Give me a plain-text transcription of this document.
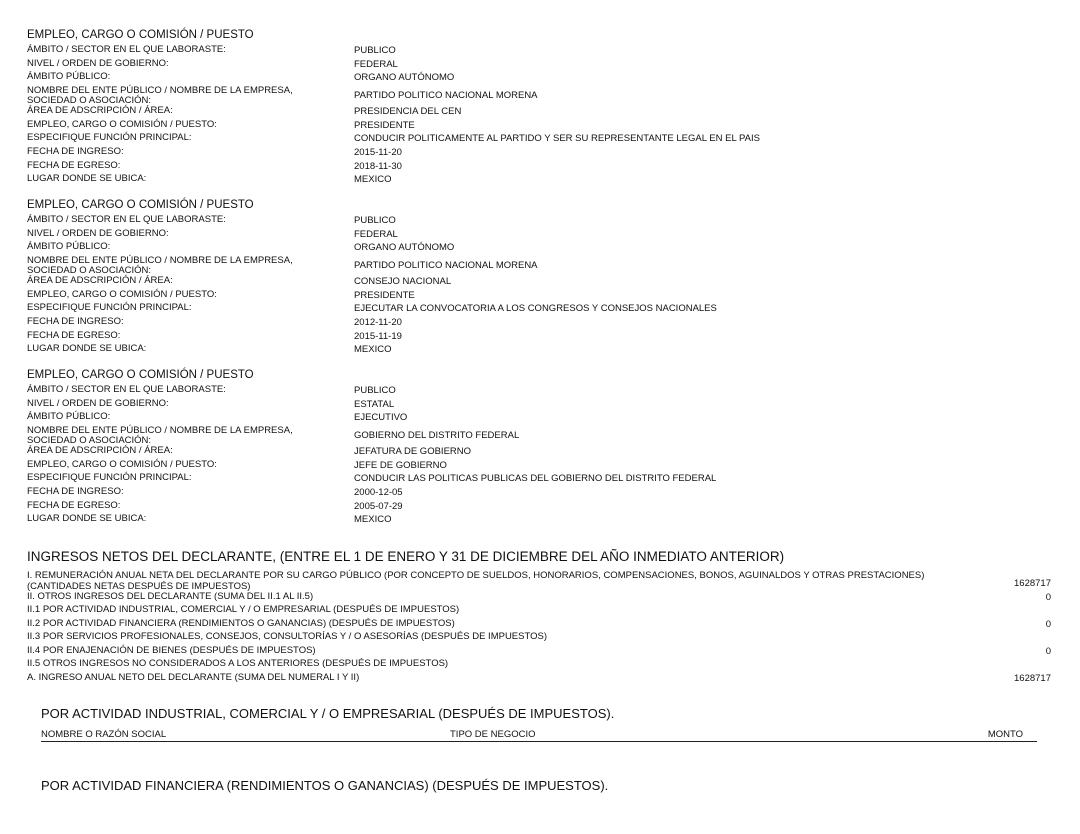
EMPLEO, CARGO O COMISIÓN / PUESTO
ÁMBITO / SECTOR EN EL QUE LABORASTE:	PUBLICO
NIVEL / ORDEN DE GOBIERNO:	FEDERAL
ÁMBITO PÚBLICO:	ORGANO AUTÓNOMO
NOMBRE DEL ENTE PÚBLICO / NOMBRE DE LA EMPRESA, SOCIEDAD O ASOCIACIÓN:	PARTIDO POLITICO NACIONAL MORENA
ÁREA DE ADSCRIPCIÓN / ÁREA:	PRESIDENCIA DEL CEN
EMPLEO, CARGO O COMISIÓN / PUESTO:	PRESIDENTE
ESPECIFIQUE FUNCIÓN PRINCIPAL:	CONDUCIR POLITICAMENTE AL PARTIDO Y SER SU REPRESENTANTE LEGAL EN EL PAIS
FECHA DE INGRESO:	2015-11-20
FECHA DE EGRESO:	2018-11-30
LUGAR DONDE SE UBICA:	MEXICO
EMPLEO, CARGO O COMISIÓN / PUESTO
ÁMBITO / SECTOR EN EL QUE LABORASTE:	PUBLICO
NIVEL / ORDEN DE GOBIERNO:	FEDERAL
ÁMBITO PÚBLICO:	ORGANO AUTÓNOMO
NOMBRE DEL ENTE PÚBLICO / NOMBRE DE LA EMPRESA, SOCIEDAD O ASOCIACIÓN:	PARTIDO POLITICO NACIONAL MORENA
ÁREA DE ADSCRIPCIÓN / ÁREA:	CONSEJO NACIONAL
EMPLEO, CARGO O COMISIÓN / PUESTO:	PRESIDENTE
ESPECIFIQUE FUNCIÓN PRINCIPAL:	EJECUTAR LA CONVOCATORIA A LOS CONGRESOS Y CONSEJOS NACIONALES
FECHA DE INGRESO:	2012-11-20
FECHA DE EGRESO:	2015-11-19
LUGAR DONDE SE UBICA:	MEXICO
EMPLEO, CARGO O COMISIÓN / PUESTO
ÁMBITO / SECTOR EN EL QUE LABORASTE:	PUBLICO
NIVEL / ORDEN DE GOBIERNO:	ESTATAL
ÁMBITO PÚBLICO:	EJECUTIVO
NOMBRE DEL ENTE PÚBLICO / NOMBRE DE LA EMPRESA, SOCIEDAD O ASOCIACIÓN:	GOBIERNO DEL DISTRITO FEDERAL
ÁREA DE ADSCRIPCIÓN / ÁREA:	JEFATURA DE GOBIERNO
EMPLEO, CARGO O COMISIÓN / PUESTO:	JEFE DE GOBIERNO
ESPECIFIQUE FUNCIÓN PRINCIPAL:	CONDUCIR LAS POLITICAS PUBLICAS DEL GOBIERNO DEL DISTRITO FEDERAL
FECHA DE INGRESO:	2000-12-05
FECHA DE EGRESO:	2005-07-29
LUGAR DONDE SE UBICA:	MEXICO
INGRESOS NETOS DEL DECLARANTE, (ENTRE EL 1 DE ENERO Y 31 DE DICIEMBRE DEL AÑO INMEDIATO ANTERIOR)
I. REMUNERACIÓN ANUAL NETA DEL DECLARANTE POR SU CARGO PÚBLICO (POR CONCEPTO DE SUELDOS, HONORARIOS, COMPENSACIONES, BONOS, AGUINALDOS Y OTRAS PRESTACIONES) (CANTIDADES NETAS DESPUÉS DE IMPUESTOS)	1628717
II. OTROS INGRESOS DEL DECLARANTE (SUMA DEL II.1 AL II.5)	0
II.1 POR ACTIVIDAD INDUSTRIAL, COMERCIAL Y / O EMPRESARIAL (DESPUÉS DE IMPUESTOS)
II.2 POR ACTIVIDAD FINANCIERA (RENDIMIENTOS O GANANCIAS) (DESPUÉS DE IMPUESTOS)	0
II.3 POR SERVICIOS PROFESIONALES, CONSEJOS, CONSULTORÍAS Y / O ASESORÍAS (DESPUÉS DE IMPUESTOS)
II.4 POR ENAJENACIÓN DE BIENES (DESPUÉS DE IMPUESTOS)	0
II.5 OTROS INGRESOS NO CONSIDERADOS A LOS ANTERIORES (DESPUÉS DE IMPUESTOS)
A. INGRESO ANUAL NETO DEL DECLARANTE (SUMA DEL NUMERAL I Y II)	1628717
POR ACTIVIDAD INDUSTRIAL, COMERCIAL Y / O EMPRESARIAL (DESPUÉS DE IMPUESTOS).
NOMBRE O RAZÓN SOCIAL	TIPO DE NEGOCIO	MONTO
POR ACTIVIDAD FINANCIERA (RENDIMIENTOS O GANANCIAS) (DESPUÉS DE IMPUESTOS).
